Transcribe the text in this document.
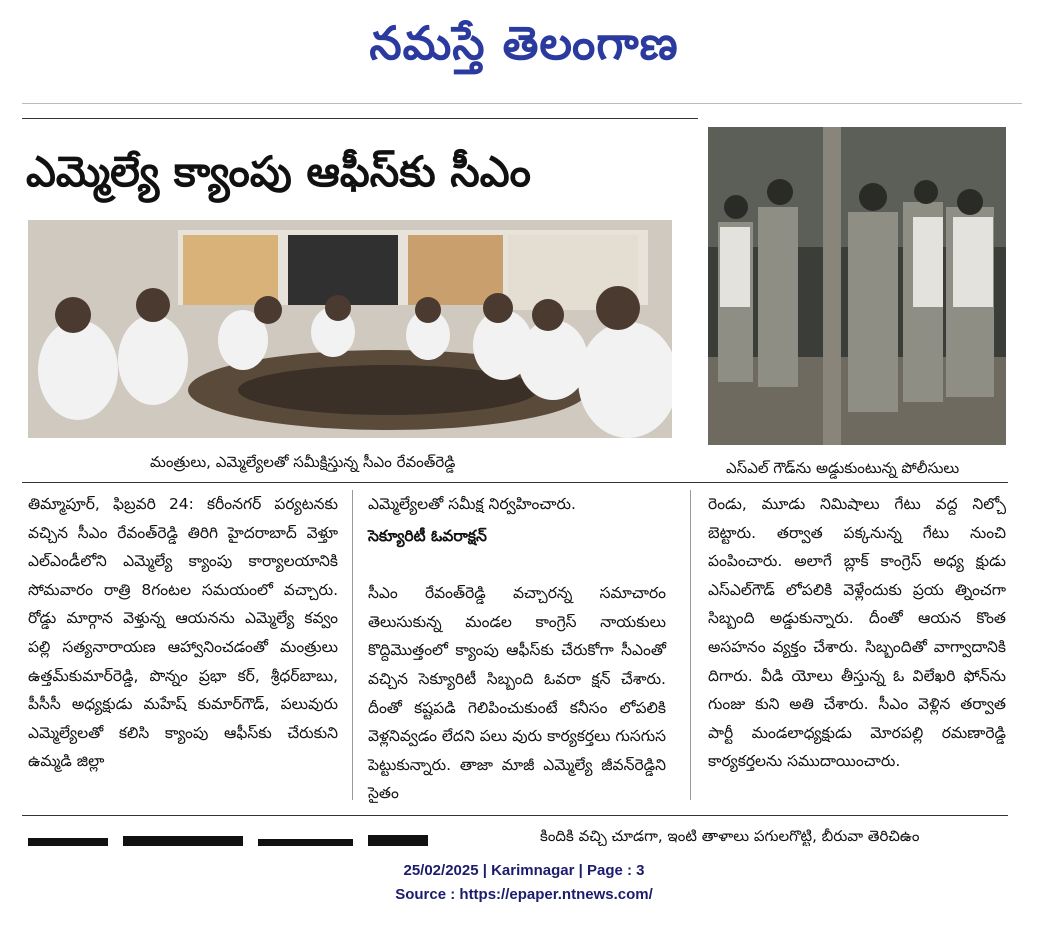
నమస్తే తెలంగాణ
ఎమ్మెల్యే క్యాంపు ఆఫీస్‌కు సీఎం
మంత్రులు, ఎమ్మెల్యేలతో సమీక్షిస్తున్న సీఎం రేవంత్‌రెడ్డి	ఎస్‌ఎల్ గౌడ్‌ను అడ్డుకుంటున్న పోలీసులు
తిమ్మాపూర్, ఫిబ్రవరి 24: కరీంనగర్ పర్యటనకు వచ్చిన సీఎం రేవంత్‌రెడ్డి తిరిగి హైదరాబాద్ వెళ్తూ ఎల్ఎండీలోని ఎమ్మెల్యే క్యాంపు కార్యాలయానికి సోమవారం రాత్రి 8గంటల సమయంలో వచ్చారు. రోడ్డు మార్గాన వెళ్తున్న ఆయనను ఎమ్మెల్యే కవ్వం పల్లి సత్యనారాయణ ఆహ్వానించడంతో మంత్రులు ఉత్తమ్‌కుమార్‌రెడ్డి, పొన్నం ప్రభా కర్, శ్రీధర్‌బాబు, పీసీసీ అధ్యక్షుడు మహేష్ కుమార్‌గౌడ్, పలువురు ఎమ్మెల్యేలతో కలిసి క్యాంపు ఆఫీస్‌కు చేరుకుని ఉమ్మడి జిల్లా
ఎమ్మెల్యేలతో సమీక్ష నిర్వహించారు.
సెక్యూరిటీ ఓవరాక్షన్
సీఎం రేవంత్‌రెడ్డి వచ్చారన్న సమాచారం తెలుసుకున్న మండల కాంగ్రెస్ నాయకులు కొద్దిమొత్తంలో క్యాంపు ఆఫీస్‌కు చేరుకోగా సీఎంతో వచ్చిన సెక్యూరిటీ సిబ్బంది ఓవరా క్షన్ చేశారు. దీంతో కష్టపడి గెలిపించుకుంటే కనీసం లోపలికి వెళ్లనివ్వడం లేదని పలు వురు కార్యకర్తలు గుసగుస పెట్టుకున్నారు. తాజా మాజీ ఎమ్మెల్యే జీవన్‌రెడ్డిని సైతం
రెండు, మూడు నిమిషాలు గేటు వద్ద నిల్చో బెట్టారు. తర్వాత పక్కనున్న గేటు నుంచి పంపించారు. అలాగే బ్లాక్ కాంగ్రెస్ అధ్య క్షుడు ఎస్ఎల్‌గౌడ్ లోపలికి వెళ్లేందుకు ప్రయ త్నించగా సిబ్బంది అడ్డుకున్నారు. దీంతో ఆయన కొంత అసహనం వ్యక్తం చేశారు. సిబ్బందితో వాగ్వాదానికి దిగారు. వీడి యోలు తీస్తున్న ఓ విలేఖరి ఫోన్‌ను గుంజు కుని అతి చేశారు. సీఎం వెళ్లిన తర్వాత పార్టీ మండలాధ్యక్షుడు మోరపల్లి రమణారెడ్డి కార్యకర్తలను సముదాయించారు.
కిందికి వచ్చి చూడగా, ఇంటి తాళాలు పగులగొట్టి, బీరువా తెరిచిఉం
25/02/2025 | Karimnagar | Page : 3
Source : https://epaper.ntnews.com/
